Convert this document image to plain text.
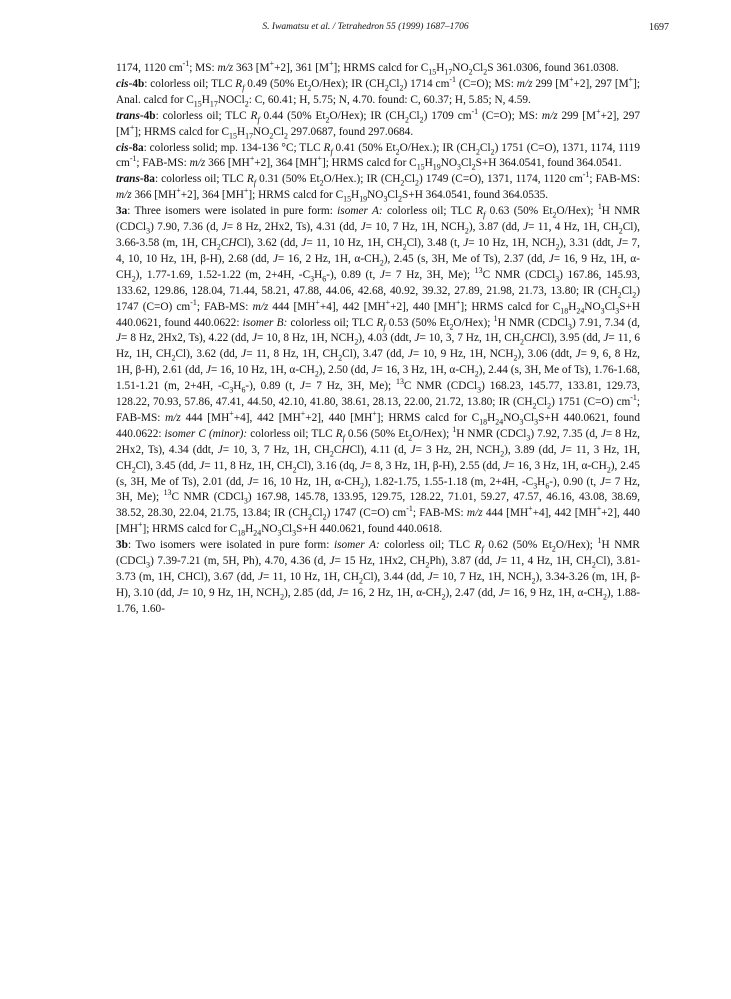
S. Iwamatsu et al. / Tetrahedron 55 (1999) 1687–1706	1697

1174, 1120 $cm^{-1}$; MS: m/z 363 [M++2], 361 [M+]; HRMS calcd for $C_{15}H_{17}NO_2Cl_2S$ 361.0306, found 361.0308.

cis-4b: colorless oil; TLC $R_f$ 0.49 (50% $Et_2O/Hex$); IR $(CH_2Cl_2)$ 1714 $cm^{-1}$ (C=O); MS: m/z 299 [M++2], 297 [M+]; Anal. calcd for $C_{15}H_{17}NOCl_2$: C, 60.41; H, 5.75; N, 4.70. found: C, 60.37; H, 5.85; N, 4.59.

trans-4b: colorless oil; TLC $R_f$ 0.44 (50% $Et_2O/Hex$); IR $(CH_2Cl_2)$ 1709 $cm^{-1}$ (C=O); MS: m/z 299 [M++2], 297 [M+]; HRMS calcd for $C_{15}H_{17}NO_2Cl_2$ 297.0687, found 297.0684.

cis-8a: colorless solid; mp. 134-136 °C; TLC $R_f$ 0.41 (50% $Et_2O/Hex$.); IR $(CH_2Cl_2)$ 1751 (C=O), 1371, 1174, 1119 $cm^{-1}$; FAB-MS: m/z 366 [MH++2], 364 [MH+]; HRMS calcd for $C_{15}H_{19}NO_3Cl_2S+H$ 364.0541, found 364.0541.

trans-8a: colorless oil; TLC $R_f$ 0.31 (50% $Et_2O/Hex$.); IR $(CH_2Cl_2)$ 1749 (C=O), 1371, 1174, 1120 $cm^{-1}$; FAB-MS: m/z 366 [MH++2], 364 [MH+]; HRMS calcd for $C_{15}H_{19}NO_3Cl_2S+H$ 364.0541, found 364.0535.

3a: Three isomers were isolated in pure form: isomer A: colorless oil; TLC $R_f$ 0.63 (50% $Et_2O/Hex$); $^1$H NMR (CDCl$_3$) 7.90, 7.36 (d, J= 8 Hz, 2Hx2, Ts), 4.31 (dd, J= 10, 7 Hz, 1H, $NCH_2$), 3.87 (dd, J= 11, 4 Hz, 1H, $CH_2Cl$), 3.66-3.58 (m, 1H, $CH_2CHCl$), 3.62 (dd, J= 11, 10 Hz, 1H, $CH_2Cl$), 3.48 (t, J= 10 Hz, 1H, $NCH_2$), 3.31 (ddt, J= 7, 4, 10, 10 Hz, 1H, β-H), 2.68 (dd, J= 16, 2 Hz, 1H, $\alpha-CH_2$), 2.45 (s, 3H, Me of Ts), 2.37 (dd, J= 16, 9 Hz, 1H, $\alpha-CH_2$), 1.77-1.69, 1.52-1.22 (m, 2+4H, $-C_3H_6-$), 0.89 (t, J= 7 Hz, 3H, Me); $^{13}$C NMR (CDCl$_3$) 167.86, 145.93, 133.62, 129.86, 128.04, 71.44, 58.21, 47.88, 44.06, 42.68, 40.92, 39.32, 27.89, 21.98, 21.73, 13.80; IR $(CH_2Cl_2)$ 1747 (C=O) $cm^{-1}$; FAB-MS: m/z 444 [MH++4], 442 [MH++2], 440 [MH+]; HRMS calcd for $C_{18}H_{24}NO_3Cl_3S+H$ 440.0621, found 440.0622: isomer B: colorless oil; TLC $R_f$ 0.53 (50% $Et_2O/Hex$); $^1$H NMR (CDCl$_3$) 7.91, 7.34 (d, J= 8 Hz, 2Hx2, Ts), 4.22 (dd, J= 10, 8 Hz, 1H, $NCH_2$), 4.03 (ddt, J= 10, 3, 7 Hz, 1H, $CH_2CHCl$), 3.95 (dd, J= 11, 6 Hz, 1H, $CH_2Cl$), 3.62 (dd, J= 11, 8 Hz, 1H, $CH_2Cl$), 3.47 (dd, J= 10, 9 Hz, 1H, $NCH_2$), 3.06 (ddt, J= 9, 6, 8 Hz, 1H, β-H), 2.61 (dd, J= 16, 10 Hz, 1H, $\alpha-CH_2$), 2.50 (dd, J= 16, 3 Hz, 1H, $\alpha-CH_2$), 2.44 (s, 3H, Me of Ts), 1.76-1.68, 1.51-1.21 (m, 2+4H, $-C_3H_6-$), 0.89 (t, J= 7 Hz, 3H, Me); $^{13}$C NMR (CDCl$_3$) 168.23, 145.77, 133.81, 129.73, 128.22, 70.93, 57.86, 47.41, 44.50, 42.10, 41.80, 38.61, 28.13, 22.00, 21.72, 13.80; IR $(CH_2Cl_2)$ 1751 (C=O) $cm^{-1}$; FAB-MS: m/z 444 [MH++4], 442 [MH++2], 440 [MH+]; HRMS calcd for $C_{18}H_{24}NO_3Cl_3S+H$ 440.0621, found 440.0622: isomer C (minor): colorless oil; TLC $R_f$ 0.56 (50% $Et_2O/Hex$); $^1$H NMR (CDCl$_3$) 7.92, 7.35 (d, J= 8 Hz, 2Hx2, Ts), 4.34 (ddt, J= 10, 3, 7 Hz, 1H, $CH_2CHCl$), 4.11 (d, J= 3 Hz, 2H, $NCH_2$), 3.89 (dd, J= 11, 3 Hz, 1H, $CH_2Cl$), 3.45 (dd, J= 11, 8 Hz, 1H, $CH_2Cl$), 3.16 (dq, J= 8, 3 Hz, 1H, β-H), 2.55 (dd, J= 16, 3 Hz, 1H, $\alpha-CH_2$), 2.45 (s, 3H, Me of Ts), 2.01 (dd, J= 16, 10 Hz, 1H, $\alpha-CH_2$), 1.82-1.75, 1.55-1.18 (m, 2+4H, $-C_3H_6-$), 0.90 (t, J= 7 Hz, 3H, Me); $^{13}$C NMR (CDCl$_3$) 167.98, 145.78, 133.95, 129.75, 128.22, 71.01, 59.27, 47.57, 46.16, 43.08, 38.69, 38.52, 28.30, 22.04, 21.75, 13.84; IR $(CH_2Cl_2)$ 1747 (C=O) $cm^{-1}$; FAB-MS: m/z 444 [MH++4], 442 [MH++2], 440 [MH+]; HRMS calcd for $C_{18}H_{24}NO_3Cl_3S+H$ 440.0621, found 440.0618.

3b: Two isomers were isolated in pure form: isomer A: colorless oil; TLC $R_f$ 0.62 (50% $Et_2O/Hex$); $^1$H NMR (CDCl$_3$) 7.39-7.21 (m, 5H, Ph), 4.70, 4.36 (d, J= 15 Hz, 1Hx2, $CH_2Ph$), 3.87 (dd, J= 11, 4 Hz, 1H, $CH_2Cl$), 3.81-3.73 (m, 1H, CHCl), 3.67 (dd, J= 11, 10 Hz, 1H, $CH_2Cl$), 3.44 (dd, J= 10, 7 Hz, 1H, $NCH_2$), 3.34-3.26 (m, 1H, β-H), 3.10 (dd, J= 10, 9 Hz, 1H, $NCH_2$), 2.85 (dd, J= 16, 2 Hz, 1H, $\alpha-CH_2$), 2.47 (dd, J= 16, 9 Hz, 1H, $\alpha-CH_2$), 1.88-1.76, 1.60-
